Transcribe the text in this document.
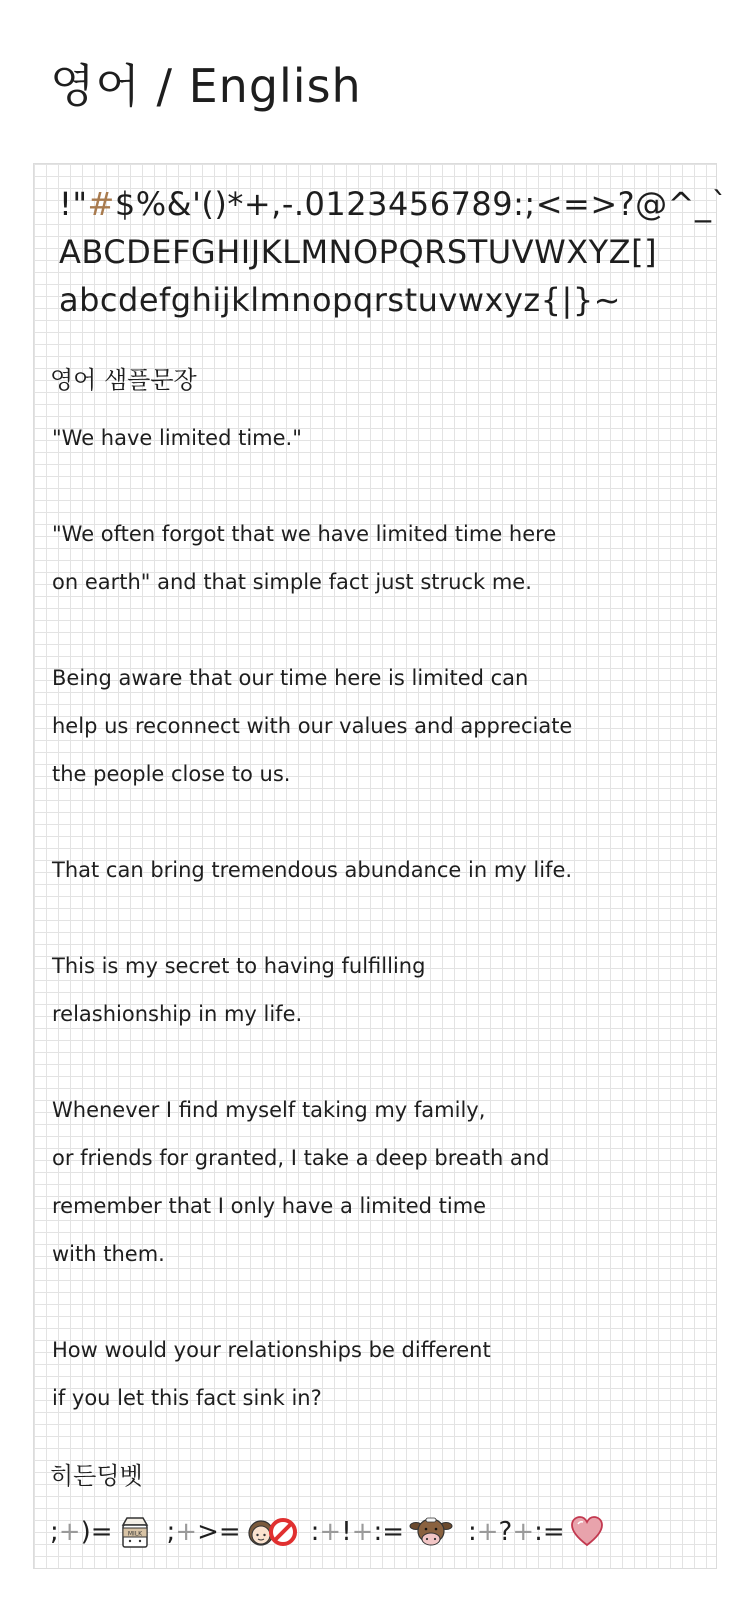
영어 / English
!"#$%&'()*+,-.0123456789:;<=>?@^_`
ABCDEFGHIJKLMNOPQRSTUVWXYZ[]
abcdefghijklmnopqrstuvwxyz{|}~
영어 샘플문장

"We have limited time."

"We often forgot that we have limited time here
on earth" and that simple fact just struck me.

Being aware that our time here is limited can
help us reconnect with our values and appreciate
the people close to us.

That can bring tremendous abundance in my life.

This is my secret to having fulfilling
relashionship in my life.

Whenever I find myself taking my family,
or friends for granted, I take a deep breath and
remember that I only have a limited time
with them.

How would your relationships be different
if you let this fact sink in?

히든딩벳
; + )= MILK ; + >=	: + ! + := : + ? + :=
